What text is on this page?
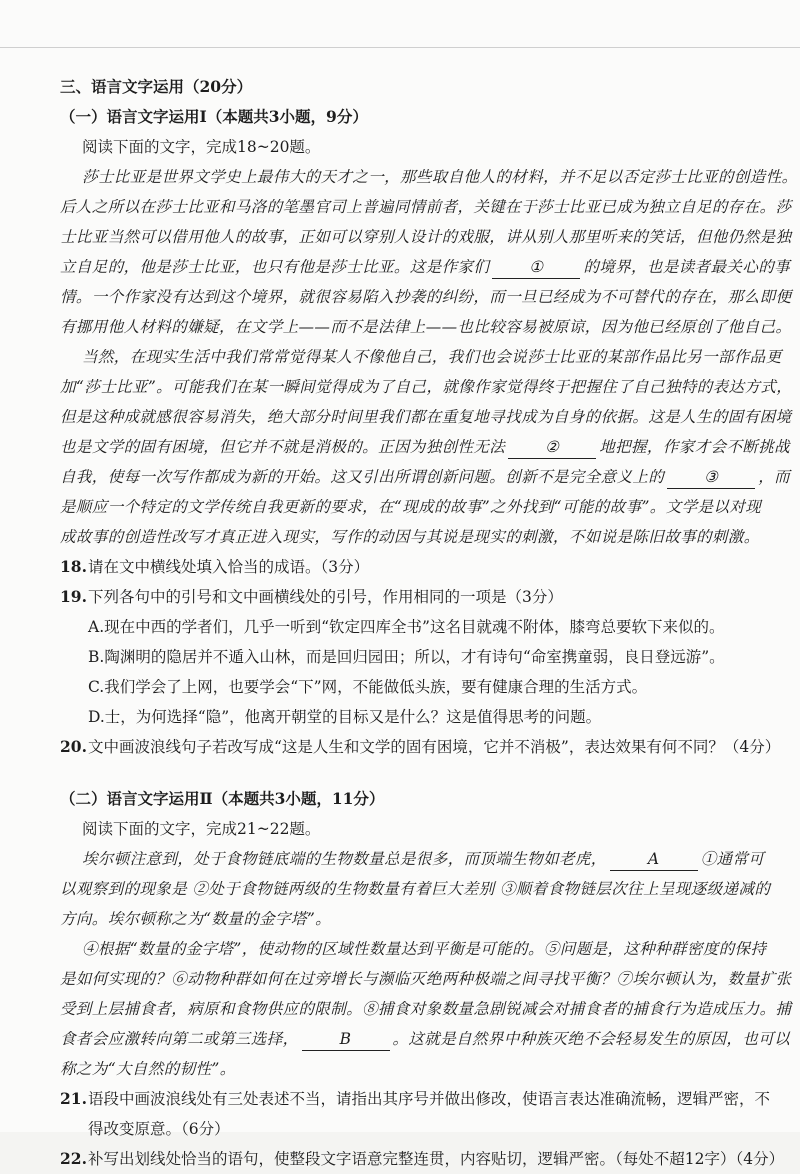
三、语言文字运用（20分）
（一）语言文字运用Ⅰ（本题共3小题，9分）
阅读下面的文字，完成18~20题。
莎士比亚是世界文学史上最伟大的天才之一，那些取自他人的材料，并不足以否定莎士比亚的创造性。
后人之所以在莎士比亚和马洛的笔墨官司上普遍同情前者，关键在于莎士比亚已成为独立自足的存在。莎
士比亚当然可以借用他人的故事，正如可以穿别人设计的戏服，讲从别人那里听来的笑话，但他仍然是独
立自足的，他是莎士比亚，也只有他是莎士比亚。这是作家们	①	的境界，也是读者最关心的事
情。一个作家没有达到这个境界，就很容易陷入抄袭的纠纷，而一旦已经成为不可替代的存在，那么即便
有挪用他人材料的嫌疑，在文学上——而不是法律上——也比较容易被原谅，因为他已经原创了他自己。
当然，在现实生活中我们常常觉得某人不像他自己，我们也会说莎士比亚的某部作品比另一部作品更
加“莎士比亚”。可能我们在某一瞬间觉得成为了自己，就像作家觉得终于把握住了自己独特的表达方式，
但是这种成就感很容易消失，绝大部分时间里我们都在重复地寻找成为自身的依据。这是人生的固有困境
也是文学的固有困境，但它并不就是消极的。正因为独创性无法	②	地把握，作家才会不断挑战
自我，使每一次写作都成为新的开始。这又引出所谓创新问题。创新不是完全意义上的	③	，而
是顺应一个特定的文学传统自我更新的要求，在“现成的故事”之外找到“可能的故事”。文学是以对现
成故事的创造性改写才真正进入现实，写作的动因与其说是现实的刺激，不如说是陈旧故事的刺激。
18.请在文中横线处填入恰当的成语。（3分）
19.下列各句中的引号和文中画横线处的引号，作用相同的一项是（3分）
A.现在中西的学者们，几乎一听到“钦定四库全书”这名目就魂不附体，膝弯总要软下来似的。
B.陶渊明的隐居并不遁入山林，而是回归园田；所以，才有诗句“命室携童弱，良日登远游”。
C.我们学会了上网，也要学会“下”网，不能做低头族，要有健康合理的生活方式。
D.士，为何选择“隐”，他离开朝堂的目标又是什么？这是值得思考的问题。
20.文中画波浪线句子若改写成“这是人生和文学的固有困境，它并不消极”，表达效果有何不同？（4分）
（二）语言文字运用Ⅱ（本题共3小题，11分）
阅读下面的文字，完成21~22题。
埃尔顿注意到，处于食物链底端的生物数量总是很多，而顶端生物如老虎，	A	①通常可
以观察到的现象是 ②处于食物链两级的生物数量有着巨大差别 ③顺着食物链层次往上呈现逐级递减的
方向。埃尔顿称之为“数量的金字塔”。
④根据“数量的金字塔”，使动物的区域性数量达到平衡是可能的。⑤问题是，这种种群密度的保持
是如何实现的？⑥动物种群如何在过旁增长与濒临灭绝两种极端之间寻找平衡？⑦埃尔顿认为，数量扩张
受到上层捕食者，病原和食物供应的限制。⑧捕食对象数量急剧锐减会对捕食者的捕食行为造成压力。捕
食者会应激转向第二或第三选择，	B	。这就是自然界中种族灭绝不会轻易发生的原因，也可以
称之为“大自然的韧性”。
21.语段中画波浪线处有三处表述不当，请指出其序号并做出修改，使语言表达准确流畅，逻辑严密，不
得改变原意。（6分）
22.补写出划线处恰当的语句，使整段文字语意完整连贯，内容贴切，逻辑严密。（每处不超12字）（4分）
